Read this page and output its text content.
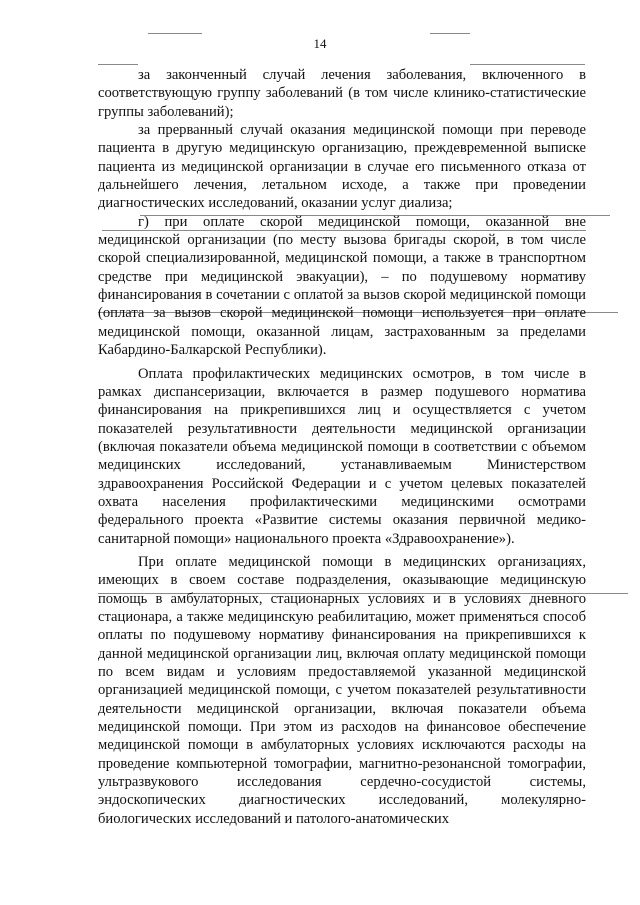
14

за законченный случай лечения заболевания, включенного в соответствующую группу заболеваний (в том числе клинико-статистические группы заболеваний);

за прерванный случай оказания медицинской помощи при переводе пациента в другую медицинскую организацию, преждевременной выписке пациента из медицинской организации в случае его письменного отказа от дальнейшего лечения, летальном исходе, а также при проведении диагностических исследований, оказании услуг диализа;

г) при оплате скорой медицинской помощи, оказанной вне медицинской организации (по месту вызова бригады скорой, в том числе скорой специализированной, медицинской помощи, а также в транспортном средстве при медицинской эвакуации), – по подушевому нормативу финансирования в сочетании с оплатой за вызов скорой медицинской помощи (оплата за вызов скорой медицинской помощи используется при оплате медицинской помощи, оказанной лицам, застрахованным за пределами Кабардино-Балкарской Республики).

Оплата профилактических медицинских осмотров, в том числе в рамках диспансеризации, включается в размер подушевого норматива финансирования на прикрепившихся лиц и осуществляется с учетом показателей результативности деятельности медицинской организации (включая показатели объема медицинской помощи в соответствии с объемом медицинских исследований, устанавливаемым Министерством здравоохранения Российской Федерации и с учетом целевых показателей охвата населения профилактическими медицинскими осмотрами федерального проекта «Развитие системы оказания первичной медико-санитарной помощи» национального проекта «Здравоохранение»).

При оплате медицинской помощи в медицинских организациях, имеющих в своем составе подразделения, оказывающие медицинскую помощь в амбулаторных, стационарных условиях и в условиях дневного стационара, а также медицинскую реабилитацию, может применяться способ оплаты по подушевому нормативу финансирования на прикрепившихся к данной медицинской организации лиц, включая оплату медицинской помощи по всем видам и условиям предоставляемой указанной медицинской организацией медицинской помощи, с учетом показателей результативности деятельности медицинской организации, включая показатели объема медицинской помощи. При этом из расходов на финансовое обеспечение медицинской помощи в амбулаторных условиях исключаются расходы на проведение компьютерной томографии, магнитно-резонансной томографии, ультразвукового исследования сердечно-сосудистой системы, эндоскопических диагностических исследований, молекулярно-биологических исследований и патолого-анатомических
